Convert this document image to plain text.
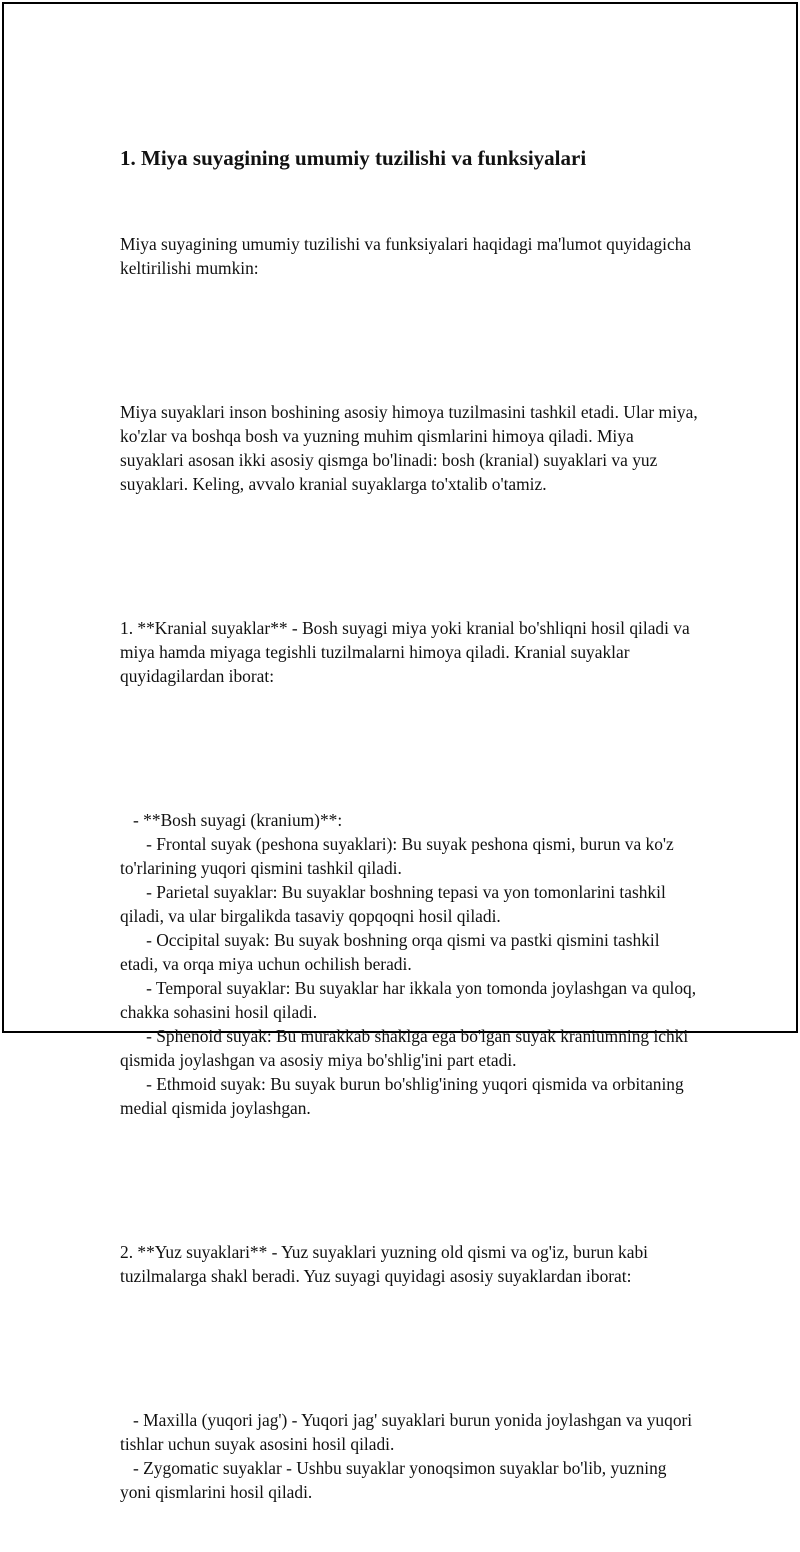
1. Miya suyagining umumiy tuzilishi va funksiyalari

Miya suyagining umumiy tuzilishi va funksiyalari haqidagi ma'lumot quyidagicha keltirilishi mumkin:

Miya suyaklari inson boshining asosiy himoya tuzilmasini tashkil etadi. Ular miya, ko'zlar va boshqa bosh va yuzning muhim qismlarini himoya qiladi. Miya suyaklari asosan ikki asosiy qismga bo'linadi: bosh (kranial) suyaklari va yuz suyaklari. Keling, avvalo kranial suyaklarga to'xtalib o'tamiz.

1. **Kranial suyaklar** - Bosh suyagi miya yoki kranial bo'shliqni hosil qiladi va miya hamda miyaga tegishli tuzilmalarni himoya qiladi. Kranial suyaklar quyidagilardan iborat:

- **Bosh suyagi (kranium)**:
- Frontal suyak (peshona suyaklari): Bu suyak peshona qismi, burun va ko'z to'rlarining yuqori qismini tashkil qiladi.
- Parietal suyaklar: Bu suyaklar boshning tepasi va yon tomonlarini tashkil qiladi, va ular birgalikda tasaviy qopqoqni hosil qiladi.
- Occipital suyak: Bu suyak boshning orqa qismi va pastki qismini tashkil etadi, va orqa miya uchun ochilish beradi.
- Temporal suyaklar: Bu suyaklar har ikkala yon tomonda joylashgan va quloq, chakka sohasini hosil qiladi.
- Sphenoid suyak: Bu murakkab shaklga ega bo'lgan suyak kraniumning ichki qismida joylashgan va asosiy miya bo'shlig'ini part etadi.
- Ethmoid suyak: Bu suyak burun bo'shlig'ining yuqori qismida va orbitaning medial qismida joylashgan.

2. **Yuz suyaklari** - Yuz suyaklari yuzning old qismi va og'iz, burun kabi tuzilmalarga shakl beradi. Yuz suyagi quyidagi asosiy suyaklardan iborat:

- Maxilla (yuqori jag') - Yuqori jag' suyaklari burun yonida joylashgan va yuqori tishlar uchun suyak asosini hosil qiladi.
- Zygomatic suyaklar - Ushbu suyaklar yonoqsimon suyaklar bo'lib, yuzning yoni qismlarini hosil qiladi.
